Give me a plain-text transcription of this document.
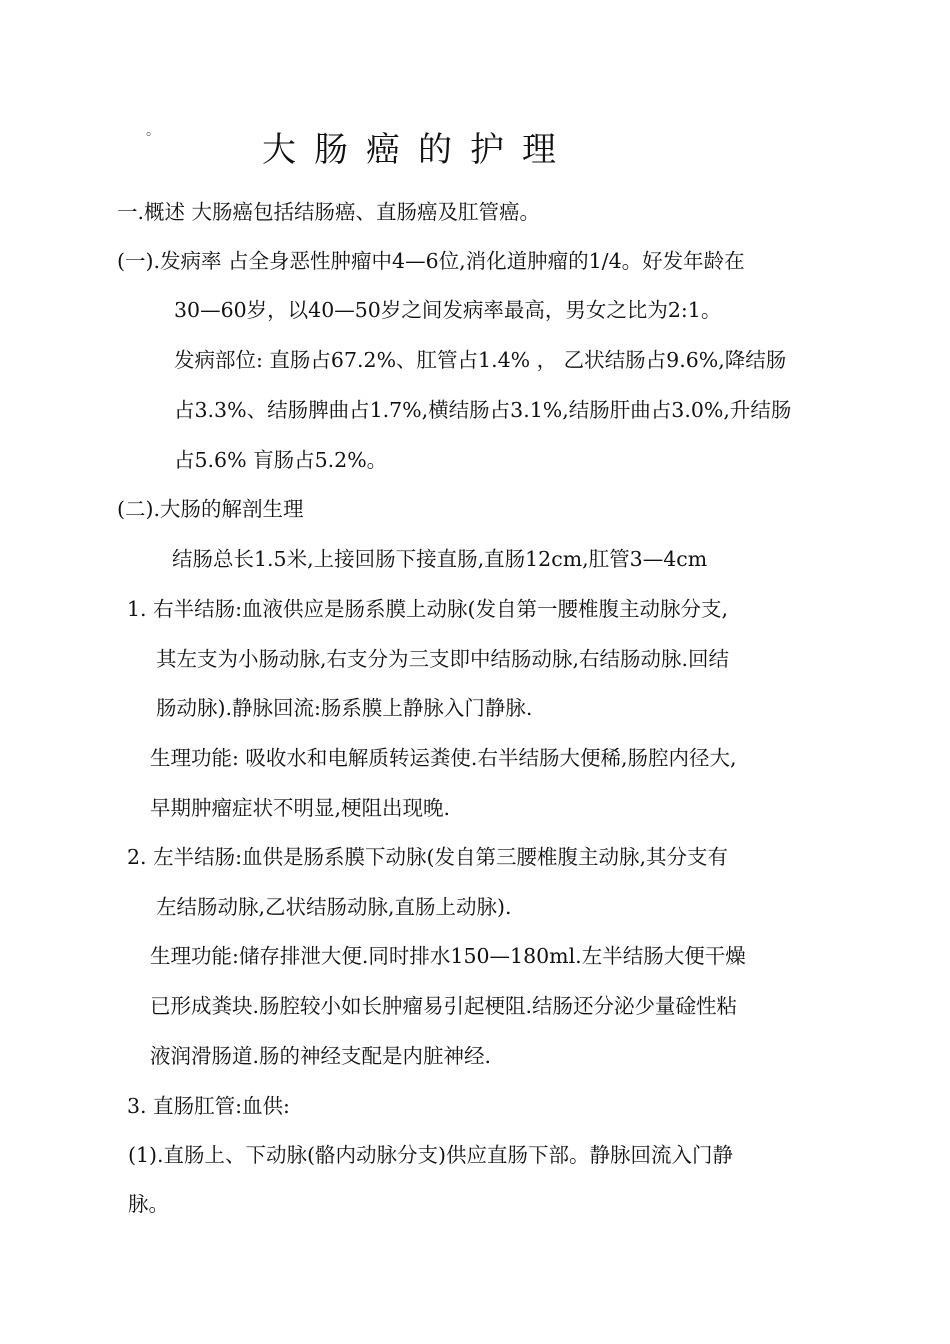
。	大肠癌的护理
一.概述 大肠癌包括结肠癌、直肠癌及肛管癌。
(一).发病率 占全身恶性肿瘤中4—6位,消化道肿瘤的1/4。好发年龄在
30—60岁，以40—50岁之间发病率最高，男女之比为2:1。
发病部位: 直肠占67.2%、肛管占1.4% ， 乙状结肠占9.6%,降结肠
占3.3%、结肠脾曲占1.7%,横结肠占3.1%,结肠肝曲占3.0%,升结肠
占5.6% 肓肠占5.2%。
(二).大肠的解剖生理
结肠总长1.5米,上接回肠下接直肠,直肠12cm,肛管3—4cm
1. 右半结肠:血液供应是肠系膜上动脉(发自第一腰椎腹主动脉分支,
其左支为小肠动脉,右支分为三支即中结肠动脉,右结肠动脉.回结
肠动脉).静脉回流:肠系膜上静脉入门静脉.
生理功能: 吸收水和电解质转运粪使.右半结肠大便稀,肠腔内径大,
早期肿瘤症状不明显,梗阻出现晚.
2. 左半结肠:血供是肠系膜下动脉(发自第三腰椎腹主动脉,其分支有
左结肠动脉,乙状结肠动脉,直肠上动脉).
生理功能:储存排泄大便.同时排水150—180ml.左半结肠大便干燥
已形成粪块.肠腔较小如长肿瘤易引起梗阻.结肠还分泌少量碒性粘
液润滑肠道.肠的神经支配是内脏神经.
3. 直肠肛管:血供:
(1).直肠上、下动脉(骼内动脉分支)供应直肠下部。静脉回流入门静
脉。
